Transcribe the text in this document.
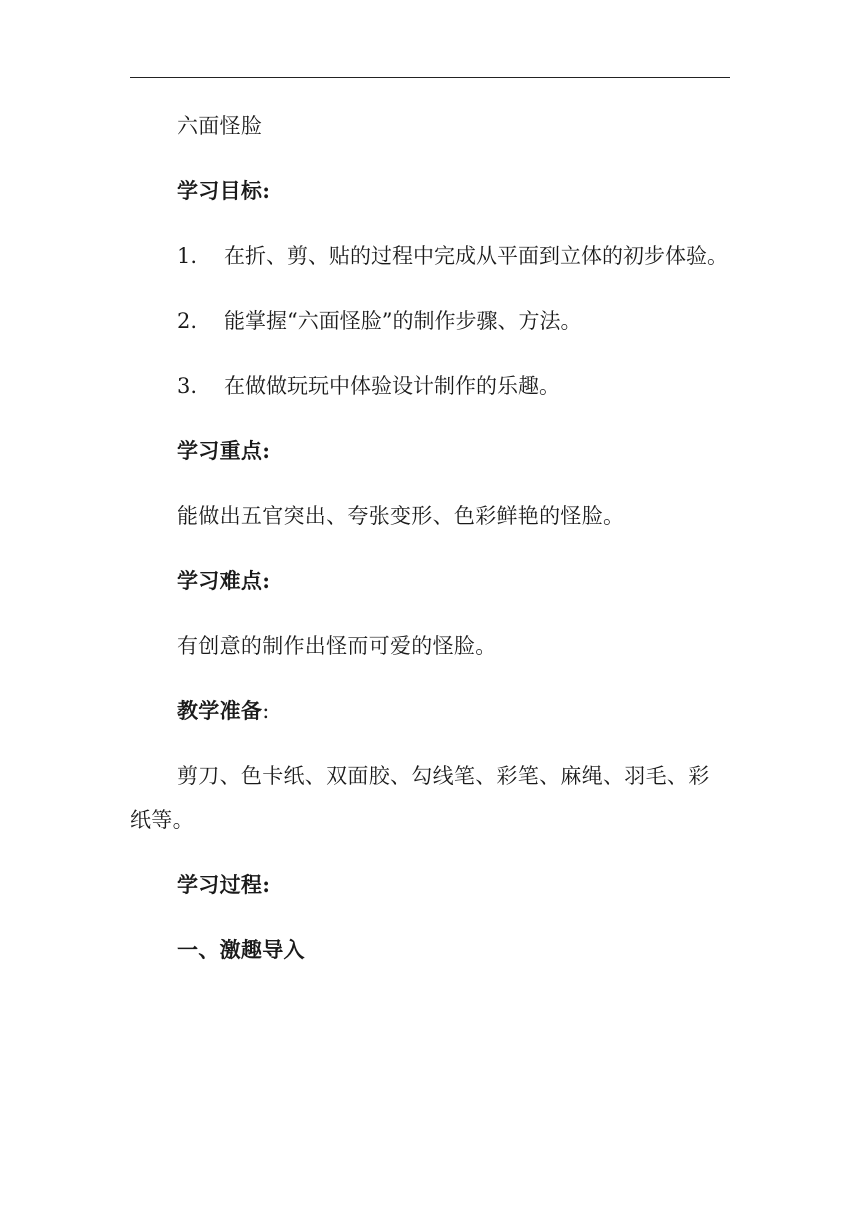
六面怪脸

学习目标:

1. 在折、剪、贴的过程中完成从平面到立体的初步体验。

2. 能掌握“六面怪脸”的制作步骤、方法。

3. 在做做玩玩中体验设计制作的乐趣。

学习重点:

能做出五官突出、夸张变形、色彩鲜艳的怪脸。

学习难点:

有创意的制作出怪而可爱的怪脸。

教学准备:

剪刀、色卡纸、双面胶、勾线笔、彩笔、麻绳、羽毛、彩纸等。

学习过程:

一、激趣导入
